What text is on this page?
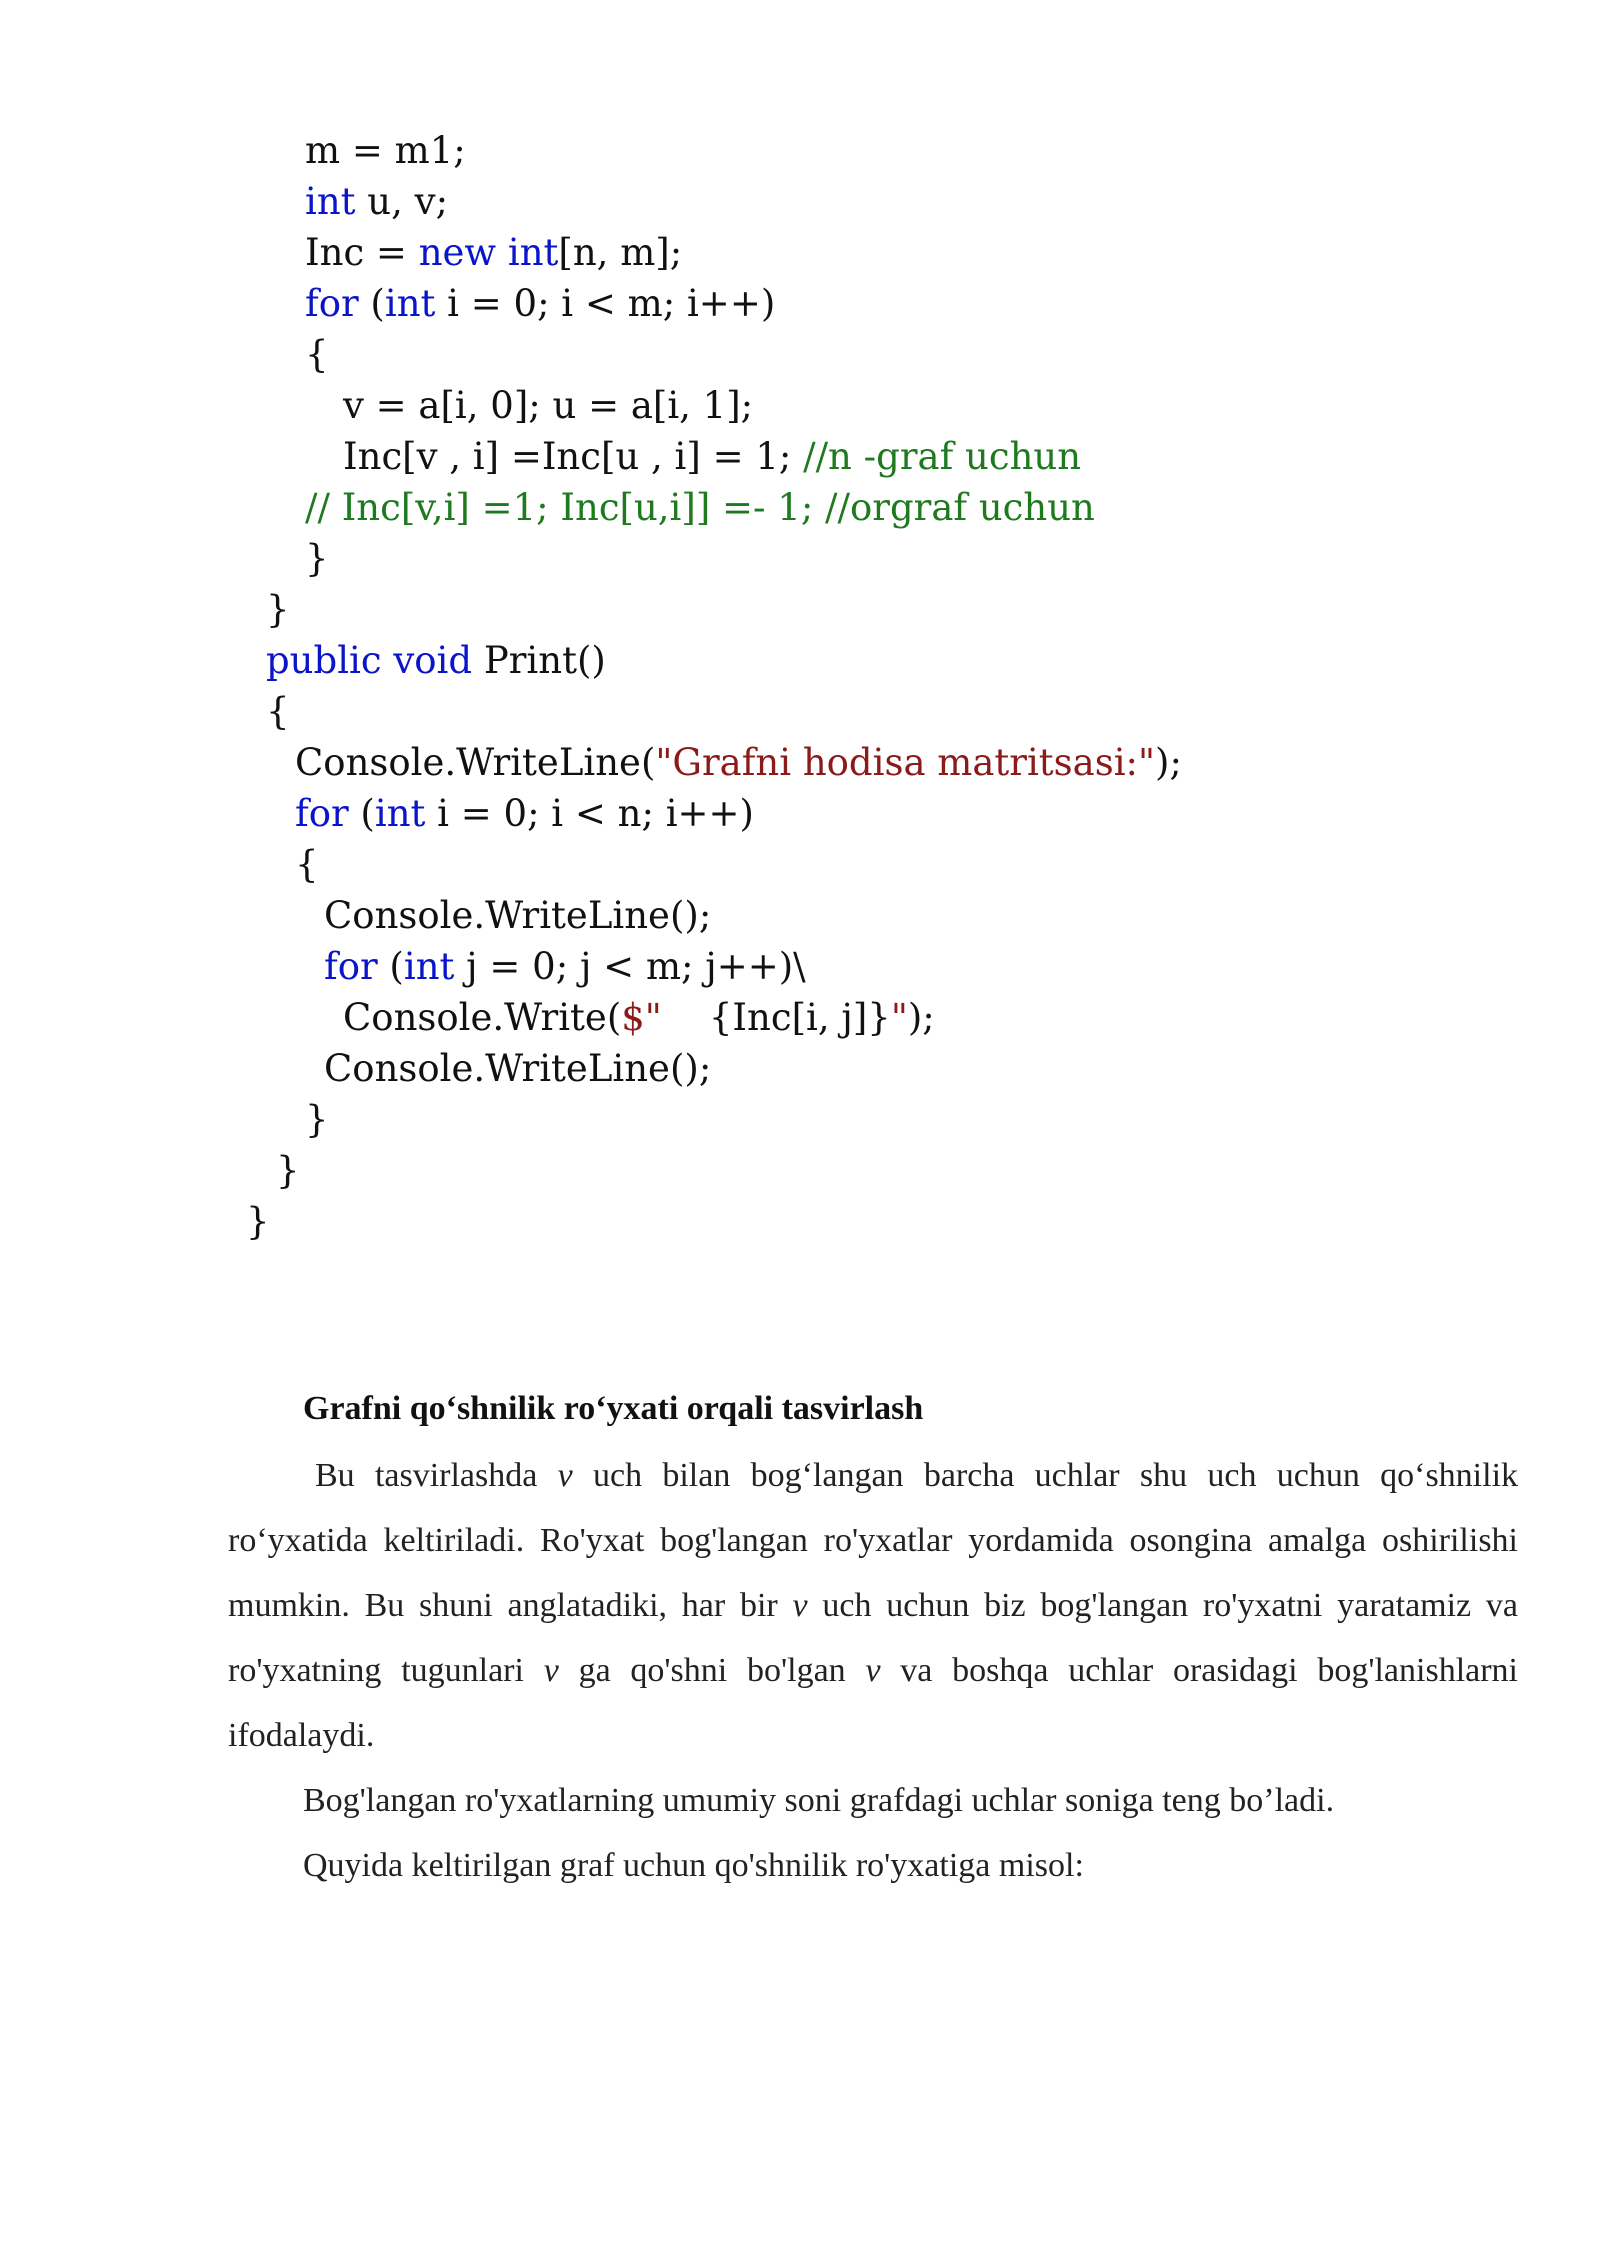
m = m1;
int u, v;
Inc = new int[n, m];
for (int i = 0; i < m; i++)
{
v = a[i, 0]; u = a[i, 1];
Inc[v , i] =Inc[u , i] = 1; //n -graf uchun
// Inc[v,i] =1; Inc[u,i]] =- 1; //orgraf uchun
}
}
public void Print()
{
Console.WriteLine("Grafni hodisa matritsasi:");
for (int i = 0; i < n; i++)
{
Console.WriteLine();
for (int j = 0; j < m; j++)\
Console.Write($"    {Inc[i, j]}");
Console.WriteLine();
}
}
}
Grafni qo‘shnilik ro‘yxati orqali tasvirlash

Bu tasvirlashda v uch bilan bog‘langan barcha uchlar shu uch uchun qo‘shnilik ro‘yxatida keltiriladi. Ro'yxat bog'langan ro'yxatlar yordamida osongina amalga oshirilishi mumkin. Bu shuni anglatadiki, har bir v uch uchun biz bog'langan ro'yxatni yaratamiz va ro'yxatning tugunlari v ga qo'shni bo'lgan v va boshqa uchlar orasidagi bog'lanishlarni ifodalaydi.

Bog'langan ro'yxatlarning umumiy soni grafdagi uchlar soniga teng bo’ladi.

Quyida keltirilgan graf uchun qo'shnilik ro'yxatiga misol:
